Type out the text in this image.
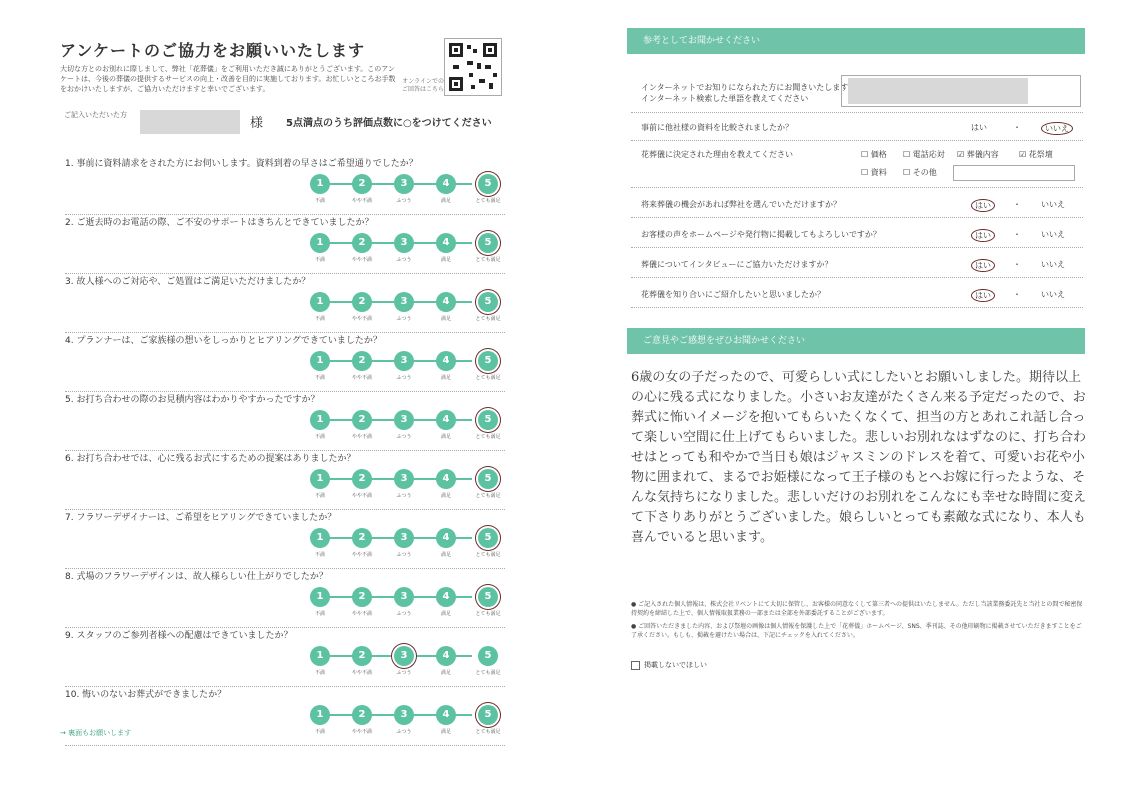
アンケートのご協力をお願いいたします
大切な方とのお別れに際しまして、弊社「花葬儀」をご利用いただき誠にありがとうございます。このアンケートは、今後の葬儀の提供するサービスの向上・改善を目的に実施しております。お忙しいところお手数をおかけいたしますが、ご協力いただけますと幸いでございます。
オンラインでのご回答はこちら
ご記入いただいた方
様 5点満点のうち評価点数に○をつけてください
1. 事前に資料請求をされた方にお伺いします。資料到着の早さはご希望通りでしたか？
1
不満
2
やや不満
3
ふつう
4
満足
5
とても満足
2. ご逝去時のお電話の際、ご不安のサポートはきちんとできていましたか？
1
不満
2
やや不満
3
ふつう
4
満足
5
とても満足
3. 故人様へのご対応や、ご処置はご満足いただけましたか？
1
不満
2
やや不満
3
ふつう
4
満足
5
とても満足
4. プランナーは、ご家族様の想いをしっかりとヒアリングできていましたか？
1
不満
2
やや不満
3
ふつう
4
満足
5
とても満足
5. お打ち合わせの際のお見積内容はわかりやすかったですか？
1
不満
2
やや不満
3
ふつう
4
満足
5
とても満足
6. お打ち合わせでは、心に残るお式にするための提案はありましたか？
1
不満
2
やや不満
3
ふつう
4
満足
5
とても満足
7. フラワーデザイナーは、ご希望をヒアリングできていましたか？
1
不満
2
やや不満
3
ふつう
4
満足
5
とても満足
8. 式場のフラワーデザインは、故人様らしい仕上がりでしたか？
1
不満
2
やや不満
3
ふつう
4
満足
5
とても満足
9. スタッフのご参列者様への配慮はできていましたか？
1
不満
2
やや不満
3
ふつう
4
満足
5
とても満足
10. 悔いのないお葬式ができましたか？
1
不満
2
やや不満
3
ふつう
4
満足
5
とても満足
→ 裏面もお願いします
参考としてお聞かせください
インターネットでお知りになられた方にお聞きいたします
インターネット検索した単語を教えてください
事前に他社様の資料を比較されましたか？	はい	・	いいえ
花葬儀に決定された理由を教えてください	☐ 価格 ☐ 電話応対 ☑ 葬儀内容	☑ 花祭壇
☐ 資料 ☐ その他
将来葬儀の機会があれば弊社を選んでいただけますか？	はい	・	いいえ
お客様の声をホームページや発行物に掲載してもよろしいですか？	はい	・	いいえ
葬儀についてインタビューにご協力いただけますか？	はい	・	いいえ
花葬儀を知り合いにご紹介したいと思いましたか？	はい	・	いいえ
ご意見やご感想をぜひお聞かせください
6歳の女の子だったので、可愛らしい式にしたいとお願いしました。期待以上の心に残る式になりました。小さいお友達がたくさん来る予定だったので、お葬式に怖いイメージを抱いてもらいたくなくて、担当の方とあれこれ話し合って楽しい空間に仕上げてもらいました。悲しいお別れなはずなのに、打ち合わせはとっても和やかで当日も娘はジャスミンのドレスを着て、可愛いお花や小物に囲まれて、まるでお姫様になって王子様のもとへお嫁に行ったような、そんな気持ちになりました。悲しいだけのお別れをこんなにも幸せな時間に変えて下さりありがとうございました。娘らしいとっても素敵な式になり、本人も喜んでいると思います。
● ご記入された個人情報は、株式会社リベントにて大切に保管し、お客様の同意なくして第三者への提供はいたしません。ただし当該業務委託先と当社との間で秘密保持契約を締結した上で、個人情報取扱業務の一部または全部を外部委託することがございます。
● ご回答いただきました内容、および祭壇の画像は個人情報を保護した上で「花葬儀」ホームページ、SNS、季刊誌、その他印刷物に掲載させていただきますことをご了承ください。もしも、掲載を避けたい場合は、下記にチェックを入れてください。
掲載しないでほしい
